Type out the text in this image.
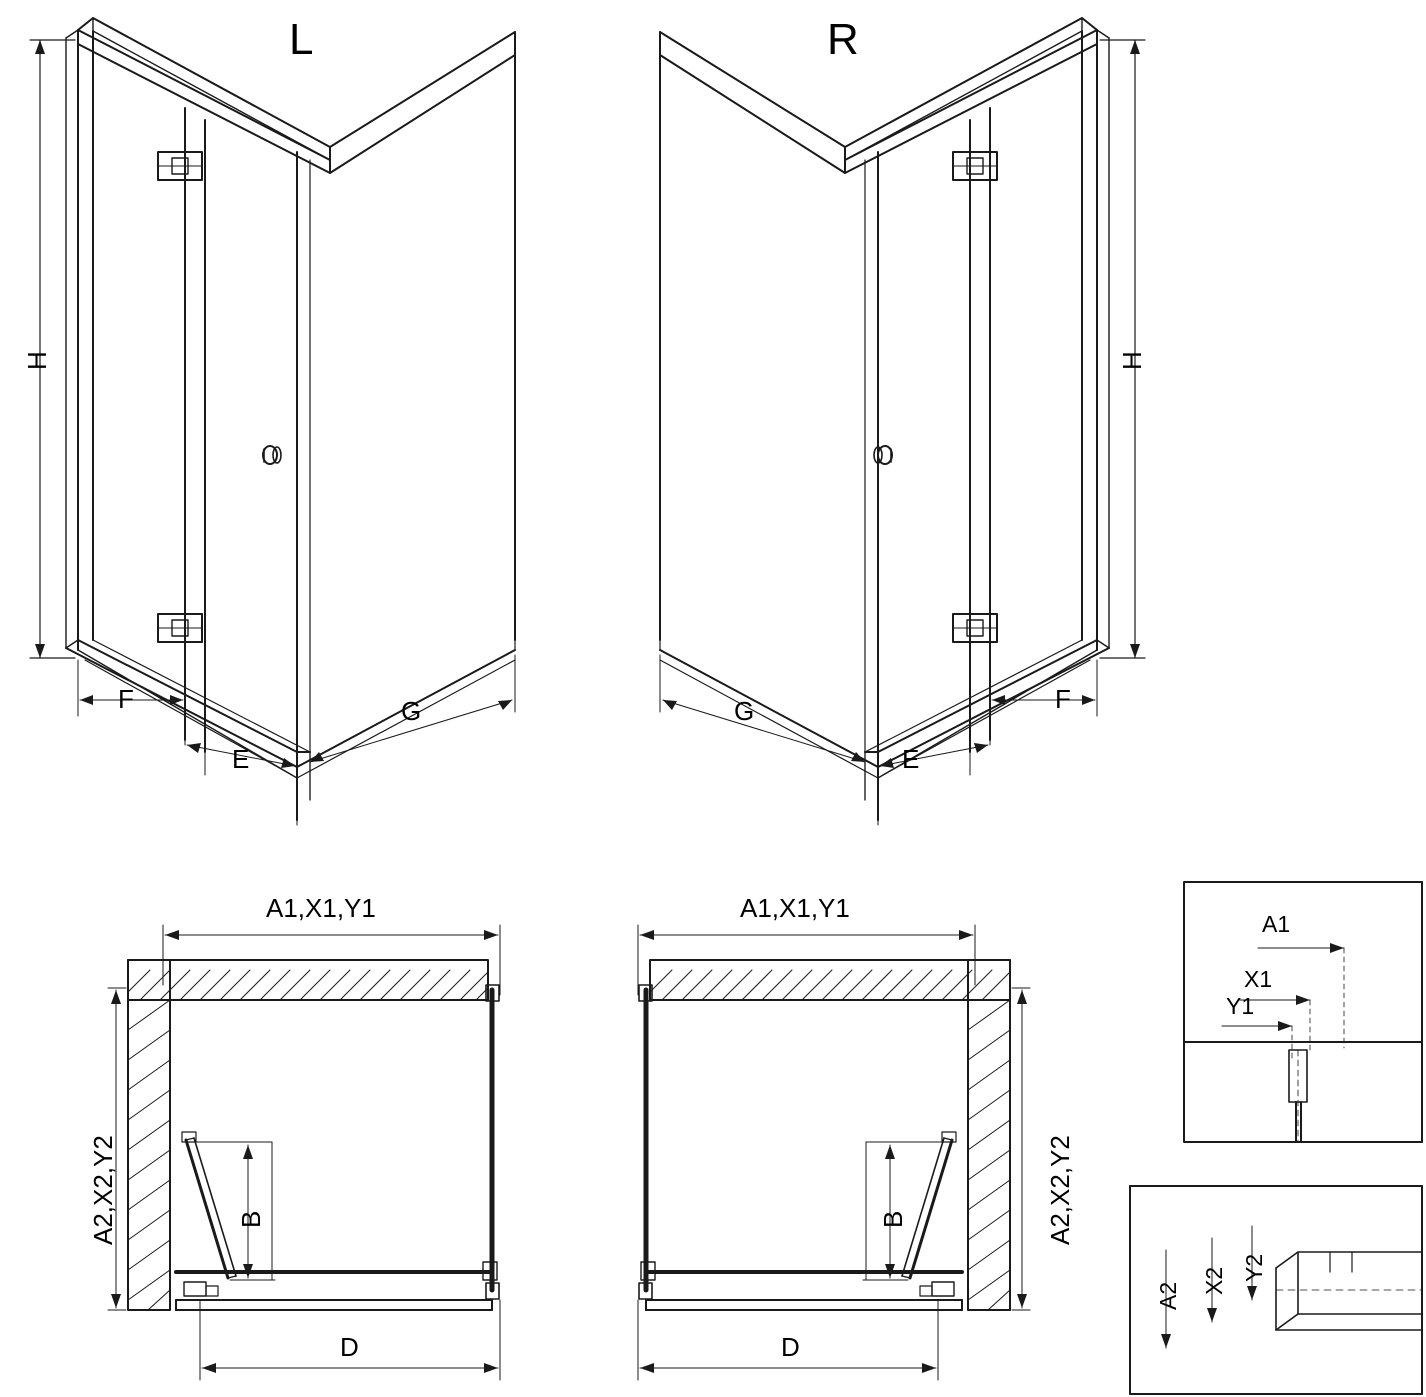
L	R
H	H
F
E
G	G
E
F
A1,X1,Y1	A1,X1,Y1
A2,X2,Y2	A2,X2,Y2
B	B
D	D
A1
X1
Y1
A2
X2 Y2
